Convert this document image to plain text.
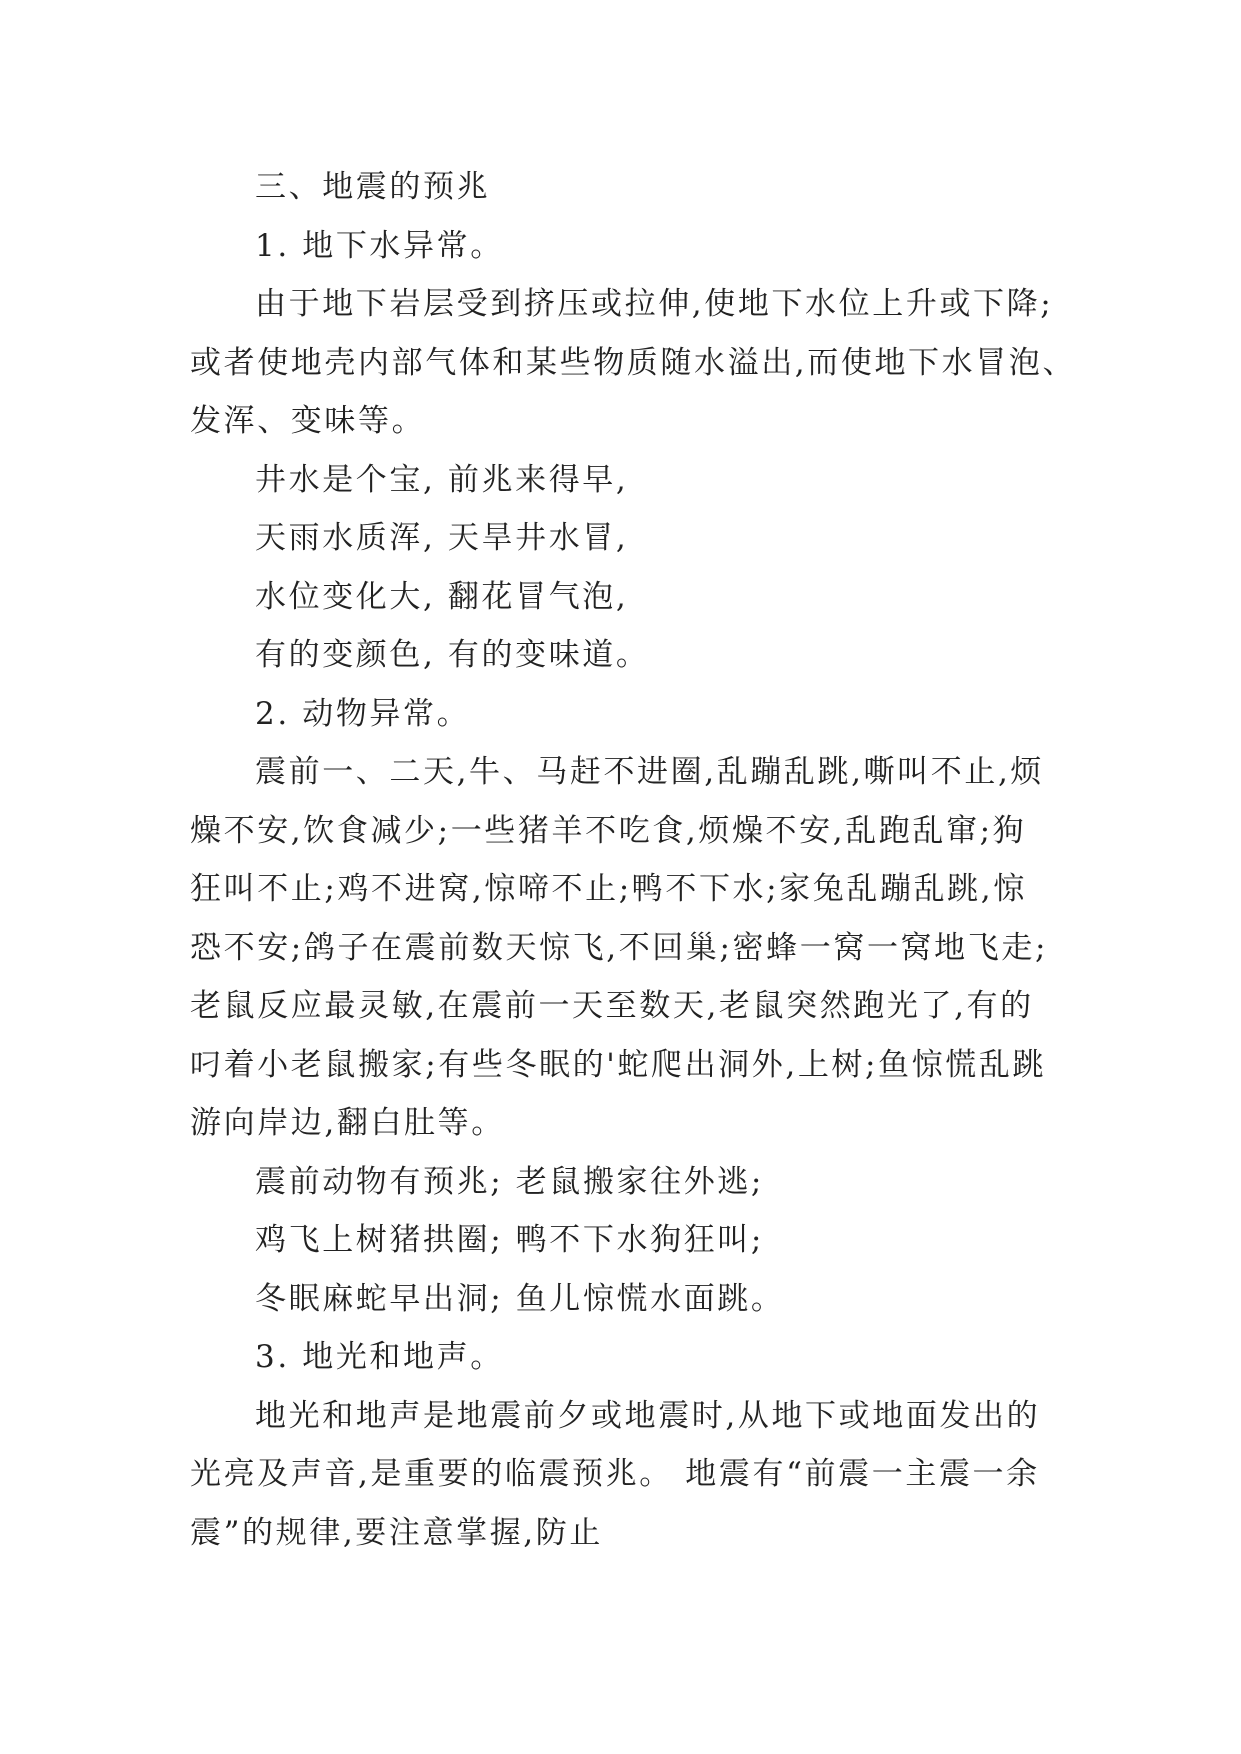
三、地震的预兆
1. 地下水异常。
由于地下岩层受到挤压或拉伸,使地下水位上升或下降;
或者使地壳内部气体和某些物质随水溢出,而使地下水冒泡、
发浑、变味等。
井水是个宝, 前兆来得早,
天雨水质浑, 天旱井水冒,
水位变化大, 翻花冒气泡,
有的变颜色, 有的变味道。
2. 动物异常。
震前一、二天,牛、马赶不进圈,乱蹦乱跳,嘶叫不止,烦
燥不安,饮食减少;一些猪羊不吃食,烦燥不安,乱跑乱窜;狗
狂叫不止;鸡不进窝,惊啼不止;鸭不下水;家兔乱蹦乱跳,惊
恐不安;鸽子在震前数天惊飞,不回巢;密蜂一窝一窝地飞走;
老鼠反应最灵敏,在震前一天至数天,老鼠突然跑光了,有的
叼着小老鼠搬家;有些冬眠的'蛇爬出洞外,上树;鱼惊慌乱跳
游向岸边,翻白肚等。
震前动物有预兆; 老鼠搬家往外逃;
鸡飞上树猪拱圈; 鸭不下水狗狂叫;
冬眠麻蛇早出洞; 鱼儿惊慌水面跳。
3. 地光和地声。
地光和地声是地震前夕或地震时,从地下或地面发出的
光亮及声音,是重要的临震预兆。 地震有“前震一主震一余
震”的规律,要注意掌握,防止
